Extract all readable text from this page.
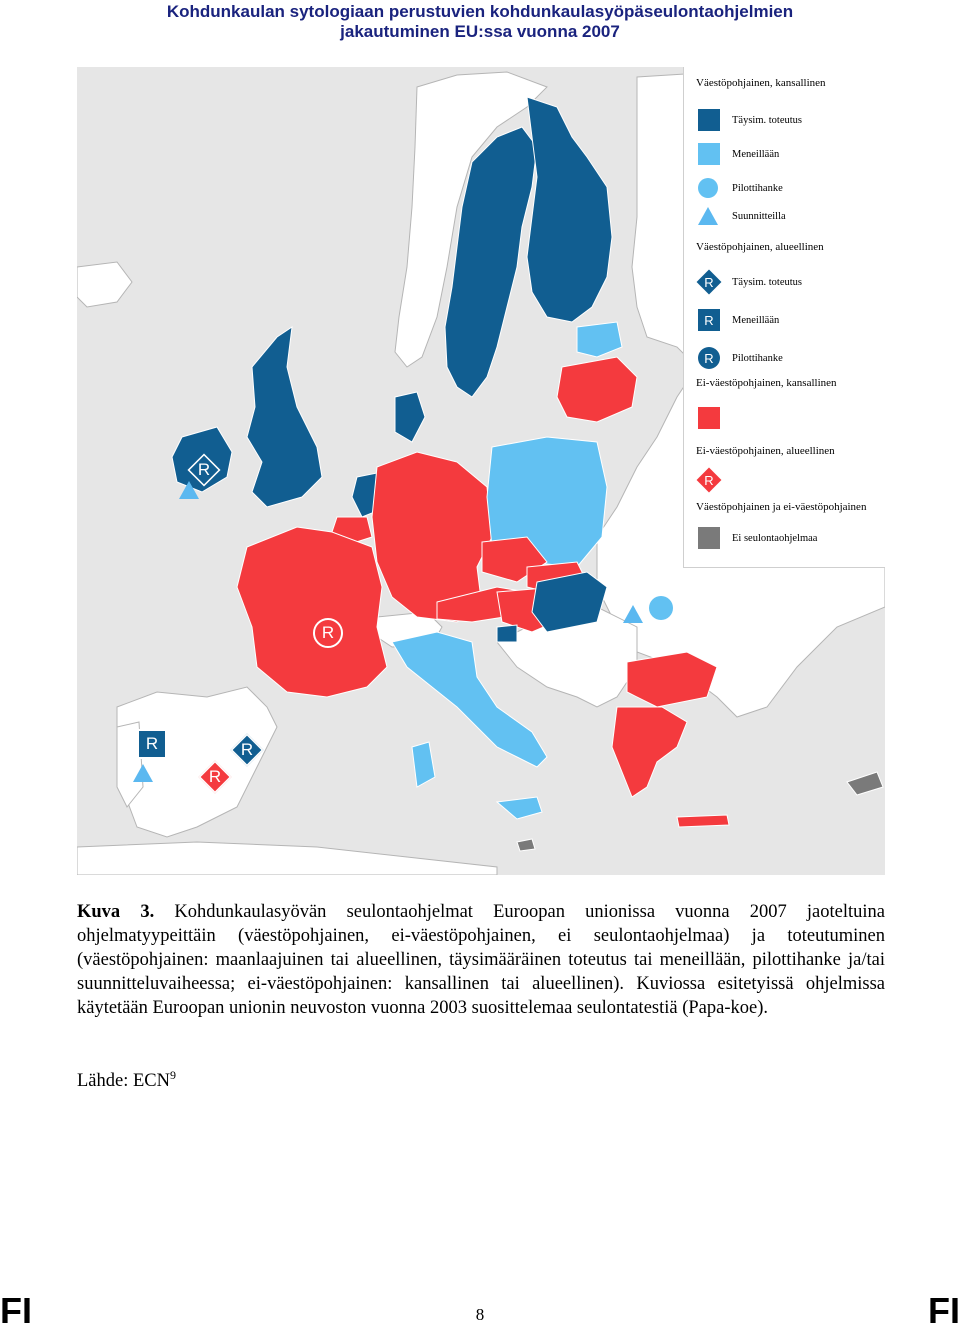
Kohdunkaulan sytologiaan perustuvien kohdunkaulasyöpäseulontaohjelmien
jakautuminen EU:ssa vuonna 2007
R
R
R	R
R
Väestöpohjainen, kansallinen
Täysim. toteutus
Meneillään
Pilottihanke
Suunnitteilla
Väestöpohjainen, alueellinen
R	Täysim. toteutus
R	Meneillään
R	Pilottihanke
Ei-väestöpohjainen, kansallinen
Ei-väestöpohjainen, alueellinen
R
Väestöpohjainen ja ei-väestöpohjainen
Ei seulontaohjelmaa
Kuva 3. Kohdunkaulasyövän seulontaohjelmat Euroopan unionissa vuonna 2007 jaoteltuina ohjelmatyypeittäin (väestöpohjainen, ei-väestöpohjainen, ei seulontaohjelmaa) ja toteutuminen (väestöpohjainen: maanlaajuinen tai alueellinen, täysimääräinen toteutus tai meneillään, pilottihanke ja/tai suunnitteluvaiheessa; ei-väestöpohjainen: kansallinen tai alueellinen). Kuviossa esitetyissä ohjelmissa käytetään Euroopan unionin neuvoston vuonna 2003 suosittelemaa seulontatestiä (Papa-koe).
Lähde: ECN$^9$
FI	8	FI
